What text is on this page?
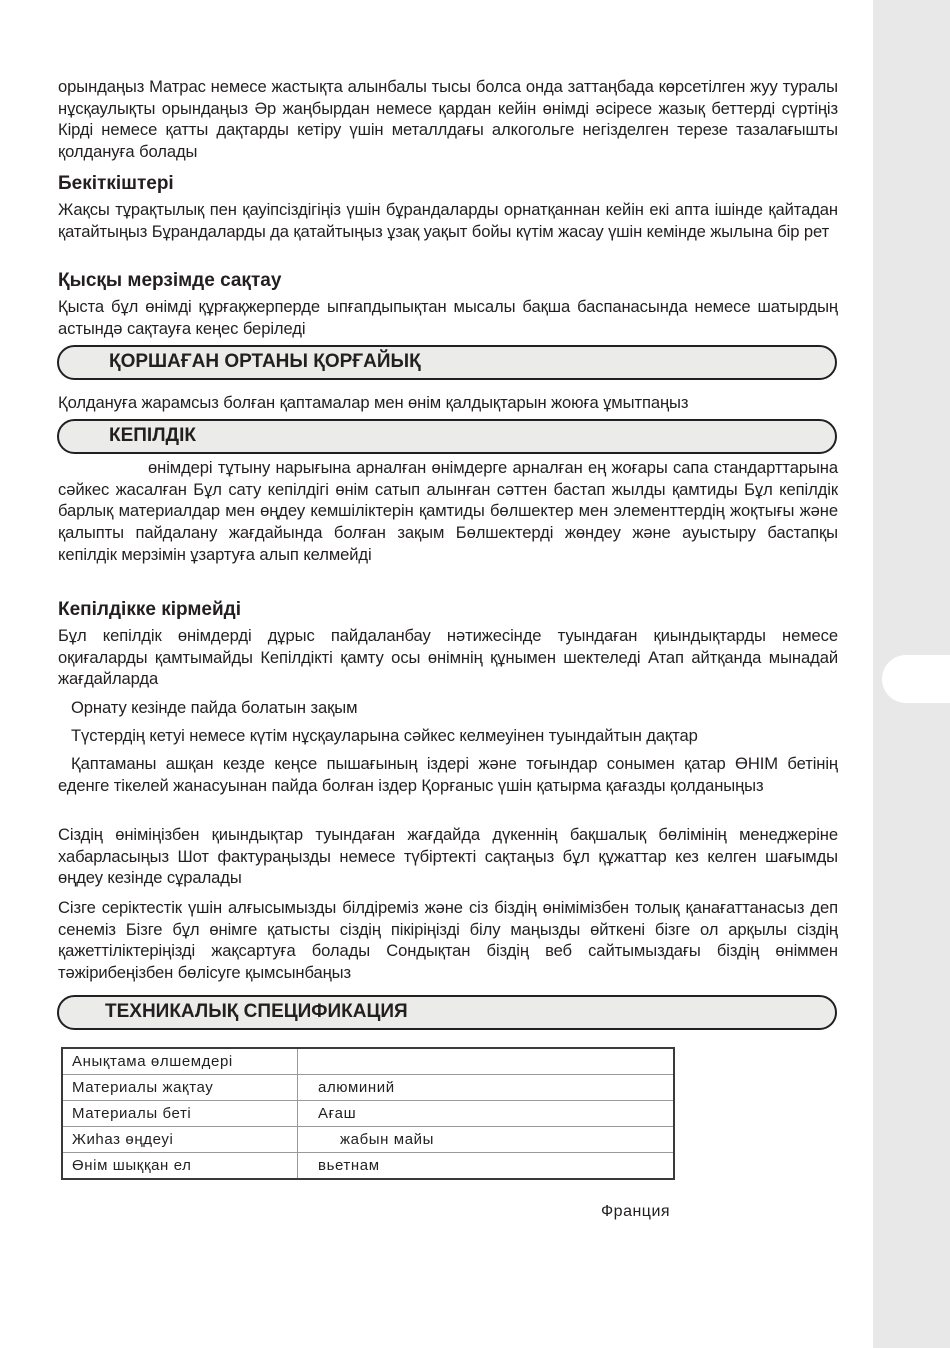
орындаңыз Матрас немесе жастықта алынбалы тысы болса онда заттаңбада көрсетілген жуу туралы нұсқаулықты орындаңыз Әр жаңбырдан немесе қардан кейін өнімді әсіресе жазық беттерді сүртіңіз Кірді немесе қатты дақтарды кетіру үшін металлдағы алкогольге негізделген терезе тазалағышты қолдануға болады

Бекіткіштері

Жақсы тұрақтылық пен қауіпсіздігіңіз үшін бұрандаларды орнатқаннан кейін екі апта ішінде қайтадан қатайтыңыз Бұрандаларды да қатайтыңыз ұзақ уақыт бойы күтім жасау үшін кемінде жылына бір рет

Қысқы мерзімде сақтау

Қыста бұл өнімді құрғақжерперде ыпғапдыпықтан мысалы бақша баспанасында немесе шатырдың астындә сақтауға кеңес беріледі

ҚОРШАҒАН ОРТАНЫ ҚОРҒАЙЫҚ

Қолдануға жарамсыз болған қаптамалар мен өнім қалдықтарын жоюға ұмытпаңыз

КЕПІЛДІК

өнімдері тұтыну нарығына арналған өнімдерге арналған ең жоғары сапа стандарттарына сәйкес жасалған Бұл сату кепілдігі өнім сатып алынған сәттен бастап жылды қамтиды Бұл кепілдік барлық материалдар мен өңдеу кемшіліктерін қамтиды бөлшектер мен элементтердің жоқтығы және қалыпты пайдалану жағдайында болған зақым Бөлшектерді жөндеу және ауыстыру бастапқы кепілдік мерзімін ұзартуға алып келмейді

Кепілдікке кірмейді

Бұл кепілдік өнімдерді дұрыс пайдаланбау нәтижесінде туындаған қиындықтарды немесе оқиғаларды қамтымайды Кепілдікті қамту осы өнімнің құнымен шектеледі Атап айтқанда мынадай жағдайларда

Орнату кезінде пайда болатын зақым

Түстердің кетуі немесе күтім нұсқауларына сәйкес келмеуінен туындайтын дақтар

Қаптаманы ашқан кезде кеңсе пышағының іздері және тоғындар сонымен қатар ӨНІМ бетінің еденге тікелей жанасуынан пайда болған іздер Қорғаныс үшін қатырма қағазды қолданыңыз

Сіздің өніміңізбен қиындықтар туындаған жағдайда дүкеннің бақшалық бөлімінің менеджеріне хабарласыңыз Шот фактураңызды немесе түбіртекті сақтаңыз бұл құжаттар кез келген шағымды өңдеу кезінде сұралады

Сізге серіктестік үшін алғысымызды білдіреміз және сіз біздің өнімімізбен толық қанағаттанасыз деп сенеміз Бізге бұл өнімге қатысты сіздің пікіріңізді білу маңызды өйткені бізге ол арқылы сіздің қажеттіліктеріңізді жақсартуға болады Сондықтан біздің веб сайтымыздағы біздің өніммен тәжірибеңізбен бөлісуге қымсынбаңыз

ТЕХНИКАЛЫҚ СПЕЦИФИКАЦИЯ
Анықтама өлшемдері	
Материалы жақтау	алюминий
Материалы беті	Ағаш
Жиһаз өңдеуі	жабын майы
Өнім шыққан ел	вьетнам
Франция
